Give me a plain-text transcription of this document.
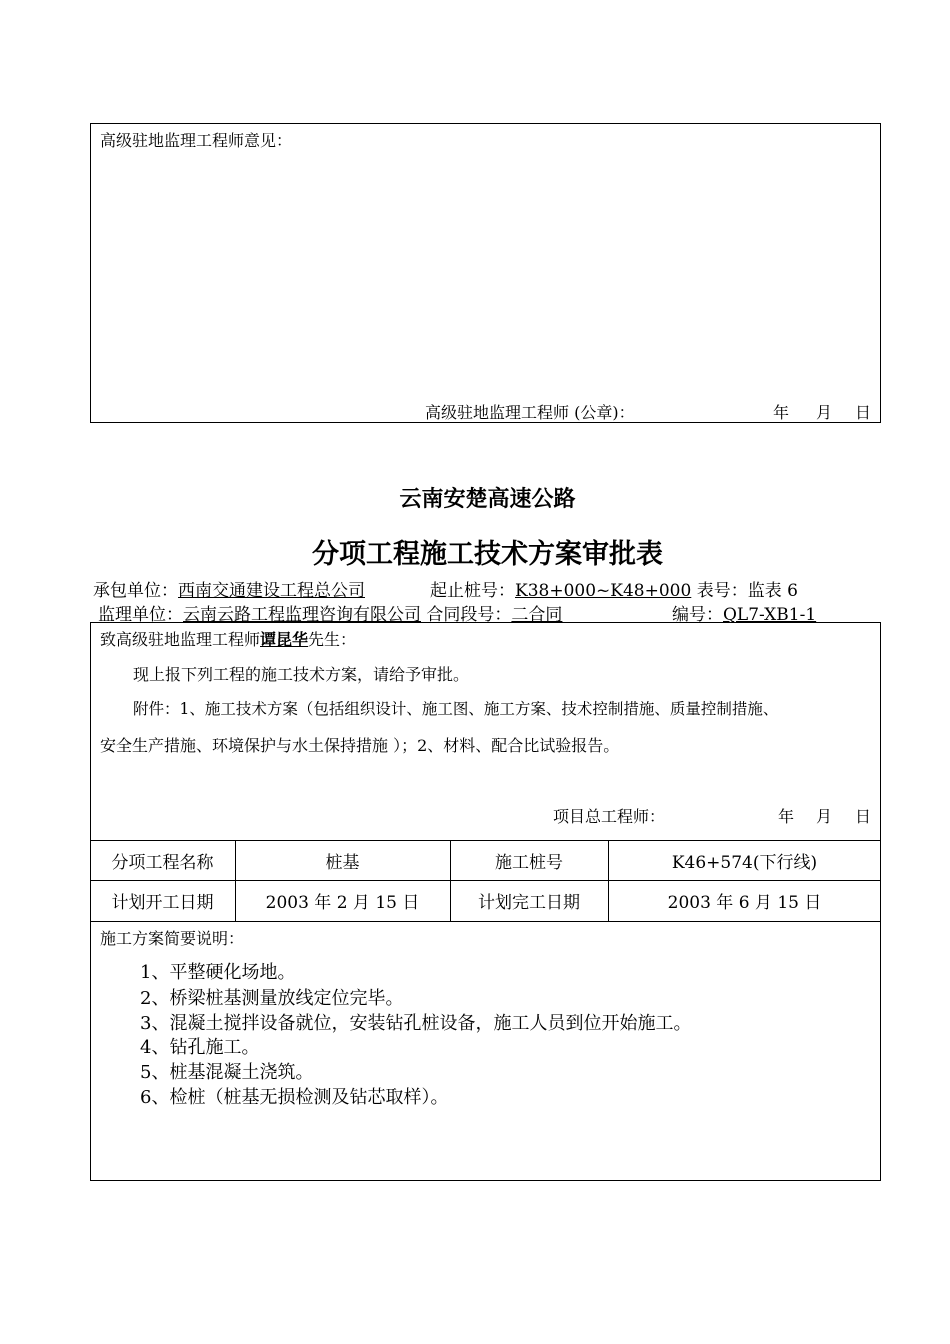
高级驻地监理工程师意见：
高级驻地监理工程师 (公章)：	年 月 日
云南安楚高速公路
分项工程施工技术方案审批表
承包单位：西南交通建设工程总公司	起止桩号：K38+000~K48+000 表号：监表 6
监理单位：云南云路工程监理咨询有限公司 合同段号：二合同	编号：QL7-XB1-1
致高级驻地监理工程师谭昆华先生：
现上报下列工程的施工技术方案，请给予审批。
附件：1、施工技术方案（包括组织设计、施工图、施工方案、技术控制措施、质量控制措施、
安全生产措施、环境保护与水土保持措施 ）；2、材料、配合比试验报告。
项目总工程师：	年 月 日
分项工程名称	桩基	施工桩号	K46+574(下行线)
计划开工日期	2003 年 2 月 15 日	计划完工日期	2003 年 6 月 15 日
施工方案简要说明：
1、平整硬化场地。
2、桥梁桩基测量放线定位完毕。
3、混凝土搅拌设备就位，安装钻孔桩设备，施工人员到位开始施工。
4、钻孔施工。
5、桩基混凝土浇筑。
6、检桩（桩基无损检测及钻芯取样）。
